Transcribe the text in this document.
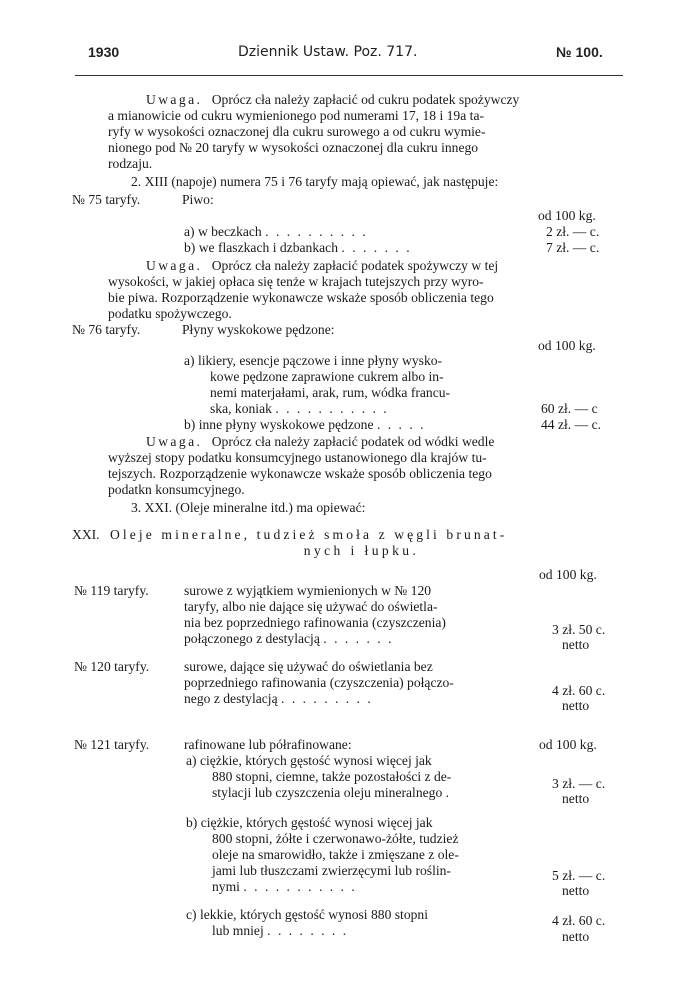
1930	Dziennik Ustaw. Poz. 717.	№ 100.
Uwaga. Oprócz cła należy zapłacić od cukru podatek spożywczy
a mianowicie od cukru wymienionego pod numerami 17, 18 i 19a ta-
ryfy w wysokości oznaczonej dla cukru surowego a od cukru wymie-
nionego pod № 20 taryfy w wysokości oznaczonej dla cukru innego
rodzaju.
2. XIII (napoje) numera 75 i 76 taryfy mają opiewać, jak następuje:
№ 75 taryfy.	Piwo:
od 100 kg.
a) w beczkach . . . . . . . . . .	2 zł. — c.
b) we flaszkach i dzbankach . . . . . . .	7 zł. — c.
Uwaga. Oprócz cła należy zapłacić podatek spożywczy w tej
wysokości, w jakiej opłaca się tenże w krajach tutejszych przy wyro-
bie piwa. Rozporządzenie wykonawcze wskaże sposób obliczenia tego
podatku spożywczego.
№ 76 taryfy.	Płyny wyskokowe pędzone:
od 100 kg.
a) likiery, esencje pączowe i inne płyny wysko-
kowe pędzone zaprawione cukrem albo in-
nemi materjałami, arak, rum, wódka francu-
ska, koniak . . . . . . . . . . .	60 zł. — c
b) inne płyny wyskokowe pędzone . . . . .	44 zł. — c.
Uwaga. Oprócz cła należy zapłacić podatek od wódki wedle
wyższej stopy podatku konsumcyjnego ustanowionego dla krajów tu-
tejszych. Rozporządzenie wykonawcze wskaże sposób obliczenia tego
podatkn konsumcyjnego.
3. XXI. (Oleje mineralne itd.) ma opiewać:
XXI. Oleje mineralne, tudzież smoła z węgli brunat-
nych i łupku.
od 100 kg.
№ 119 taryfy.	surowe z wyjątkiem wymienionych w № 120
taryfy, albo nie dające się używać do oświetla-
nia bez poprzedniego rafinowania (czyszczenia)
połączonego z destylacją . . . . . . .
3 zł. 50 c.
netto
№ 120 taryfy.	surowe, dające się używać do oświetlania bez
poprzedniego rafinowania (czyszczenia) połączo-
nego z destylacją . . . . . . . . .
4 zł. 60 c.
netto
№ 121 taryfy.	rafinowane lub półrafinowane:	od 100 kg.
a) ciężkie, których gęstość wynosi więcej jak
880 stopni, ciemne, także pozostałości z de-
stylacji lub czyszczenia oleju mineralnego .
3 zł. — c.
netto
b) ciężkie, których gęstość wynosi więcej jak
800 stopni, żółte i czerwonawo-żółte, tudzież
oleje na smarowidło, także i zmięszane z ole-
jami lub tłuszczami zwierzęcymi lub roślin-
nymi . . . . . . . . . . .
5 zł. — c.
netto
c) lekkie, których gęstość wynosi 880 stopni
lub mniej . . . . . . . .
4 zł. 60 c.
netto
